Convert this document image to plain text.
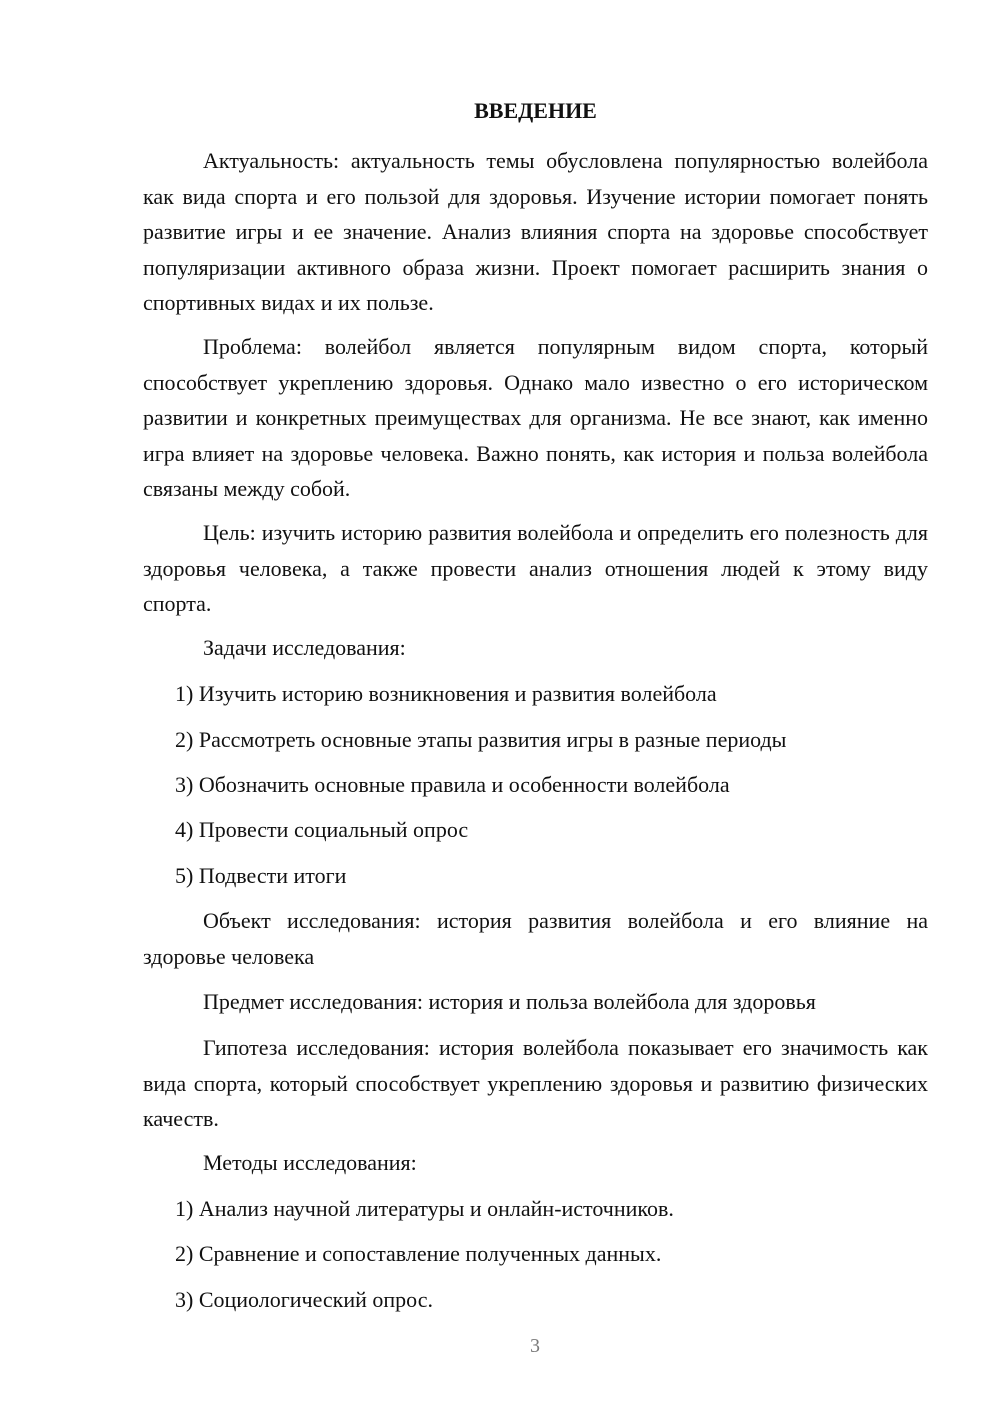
ВВЕДЕНИЕ

Актуальность: актуальность темы обусловлена популярностью волейбола как вида спорта и его пользой для здоровья. Изучение истории помогает понять развитие игры и ее значение. Анализ влияния спорта на здоровье способствует популяризации активного образа жизни. Проект помогает расширить знания о спортивных видах и их пользе.

Проблема: волейбол является популярным видом спорта, который способствует укреплению здоровья. Однако мало известно о его историческом развитии и конкретных преимуществах для организма. Не все знают, как именно игра влияет на здоровье человека. Важно понять, как история и польза волейбола связаны между собой.

Цель: изучить историю развития волейбола и определить его полезность для здоровья человека, а также провести анализ отношения людей к этому виду спорта.

Задачи исследования:

1) Изучить историю возникновения и развития волейбола

2) Рассмотреть основные этапы развития игры в разные периоды

3) Обозначить основные правила и особенности волейбола

4) Провести социальный опрос

5) Подвести итоги

Объект исследования: история развития волейбола и его влияние на здоровье человека

Предмет исследования: история и польза волейбола для здоровья

Гипотеза исследования: история волейбола показывает его значимость как вида спорта, который способствует укреплению здоровья и развитию физических качеств.

Методы исследования:

1) Анализ научной литературы и онлайн-источников.

2) Сравнение и сопоставление полученных данных.

3) Социологический опрос.

3
